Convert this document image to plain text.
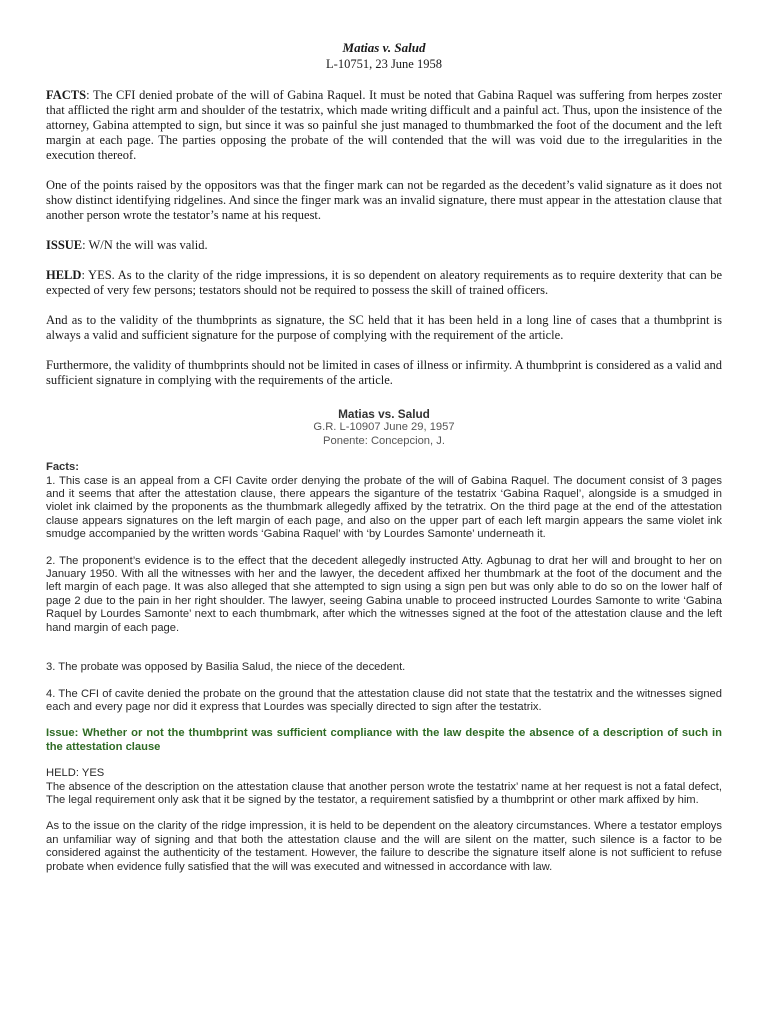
Matias v. Salud
L-10751, 23 June 1958

FACTS: The CFI denied probate of the will of Gabina Raquel. It must be noted that Gabina Raquel was suffering from herpes zoster that afflicted the right arm and shoulder of the testatrix, which made writing difficult and a painful act. Thus, upon the insistence of the attorney, Gabina attempted to sign, but since it was so painful she just managed to thumbmarked the foot of the document and the left margin at each page. The parties opposing the probate of the will contended that the will was void due to the irregularities in the execution thereof.

One of the points raised by the oppositors was that the finger mark can not be regarded as the decedent’s valid signature as it does not show distinct identifying ridgelines. And since the finger mark was an invalid signature, there must appear in the attestation clause that another person wrote the testator’s name at his request.

ISSUE: W/N the will was valid.

HELD: YES. As to the clarity of the ridge impressions, it is so dependent on aleatory requirements as to require dexterity that can be expected of very few persons; testators should not be required to possess the skill of trained officers.

And as to the validity of the thumbprints as signature, the SC held that it has been held in a long line of cases that a thumbprint is always a valid and sufficient signature for the purpose of complying with the requirement of the article.

Furthermore, the validity of thumbprints should not be limited in cases of illness or infirmity. A thumbprint is considered as a valid and sufficient signature in complying with the requirements of the article.

Matias vs. Salud
G.R. L-10907 June 29, 1957
Ponente: Concepcion, J.
Facts:

1. This case is an appeal from a CFI Cavite order denying the probate of the will of Gabina Raquel. The document consist of 3 pages and it seems that after the attestation clause, there appears the siganture of the testatrix ‘Gabina Raquel’, alongside is a smudged in violet ink claimed by the proponents as the thumbmark allegedly affixed by the tetratrix. On the third page at the end of the attestation clause appears signatures on the left margin of each page, and also on the upper part of each left margin appears the same violet ink smudge accompanied by the written words ‘Gabina Raquel’ with ‘by Lourdes Samonte’ underneath it.

2. The proponent’s evidence is to the effect that the decedent allegedly instructed Atty. Agbunag to drat her will and brought to her on January 1950. With all the witnesses with her and the lawyer, the decedent affixed her thumbmark at the foot of the document and the left margin of each page. It was also alleged that she attempted to sign using a sign pen but was only able to do so on the lower half of page 2 due to the pain in her right shoulder. The lawyer, seeing Gabina unable to proceed instructed Lourdes Samonte to write ‘Gabina Raquel by Lourdes Samonte’ next to each thumbmark, after which the witnesses signed at the foot of the attestation clause and the left hand margin of each page.

3. The probate was opposed by Basilia Salud, the niece of the decedent.

4. The CFI of cavite denied the probate on the ground that the attestation clause did not state that the testatrix and the witnesses signed each and every page nor did it express that Lourdes was specially directed to sign after the testatrix.

Issue: Whether or not the thumbprint was sufficient compliance with the law despite the absence of a description of such in the attestation clause

HELD: YES

The absence of the description on the attestation clause that another person wrote the testatrix’ name at her request is not a fatal defect, The legal requirement only ask that it be signed by the testator, a requirement satisfied by a thumbprint or other mark affixed by him.

As to the issue on the clarity of the ridge impression, it is held to be dependent on the aleatory circumstances. Where a testator employs an unfamiliar way of signing and that both the attestation clause and the will are silent on the matter, such silence is a factor to be considered against the authenticity of the testament. However, the failure to describe the signature itself alone is not sufficient to refuse probate when evidence fully satisfied that the will was executed and witnessed in accordance with law.
